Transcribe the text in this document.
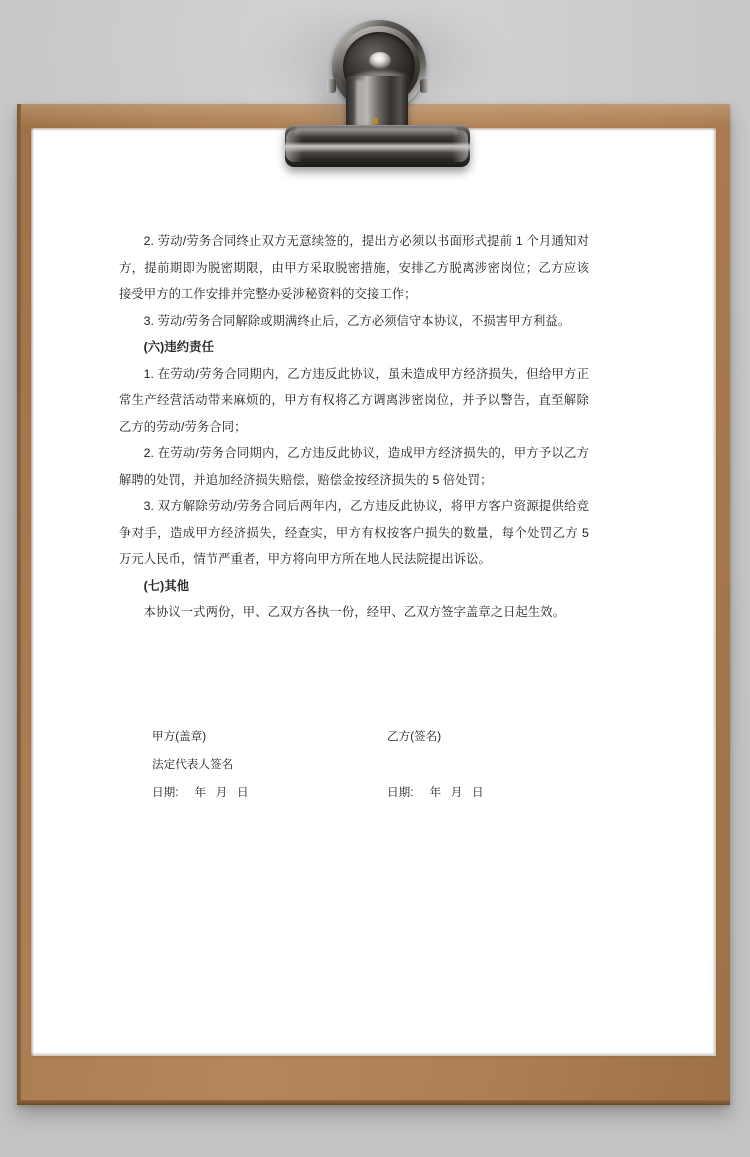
2. 劳动/劳务合同终止双方无意续签的，提出方必须以书面形式提前 1 个月通知对方，提前期即为脱密期限，由甲方采取脱密措施，安排乙方脱离涉密岗位；乙方应该接受甲方的工作安排并完整办妥涉秘资料的交接工作；

3. 劳动/劳务合同解除或期满终止后，乙方必须信守本协议，不损害甲方利益。

(六)违约责任

1. 在劳动/劳务合同期内，乙方违反此协议，虽未造成甲方经济损失，但给甲方正常生产经营活动带来麻烦的，甲方有权将乙方调离涉密岗位，并予以警告，直至解除乙方的劳动/劳务合同；

2. 在劳动/劳务合同期内，乙方违反此协议，造成甲方经济损失的，甲方予以乙方解聘的处罚，并追加经济损失赔偿，赔偿金按经济损失的 5 倍处罚；

3. 双方解除劳动/劳务合同后两年内，乙方违反此协议，将甲方客户资源提供给竞争对手，造成甲方经济损失，经查实，甲方有权按客户损失的数量，每个处罚乙方 5 万元人民币，情节严重者，甲方将向甲方所在地人民法院提出诉讼。

(七)其他

本协议一式两份，甲、乙双方各执一份，经甲、乙双方签字盖章之日起生效。

甲方(盖章)	乙方(签名)
法定代表人签名
日期:     年   月   日	日期:     年   月   日
